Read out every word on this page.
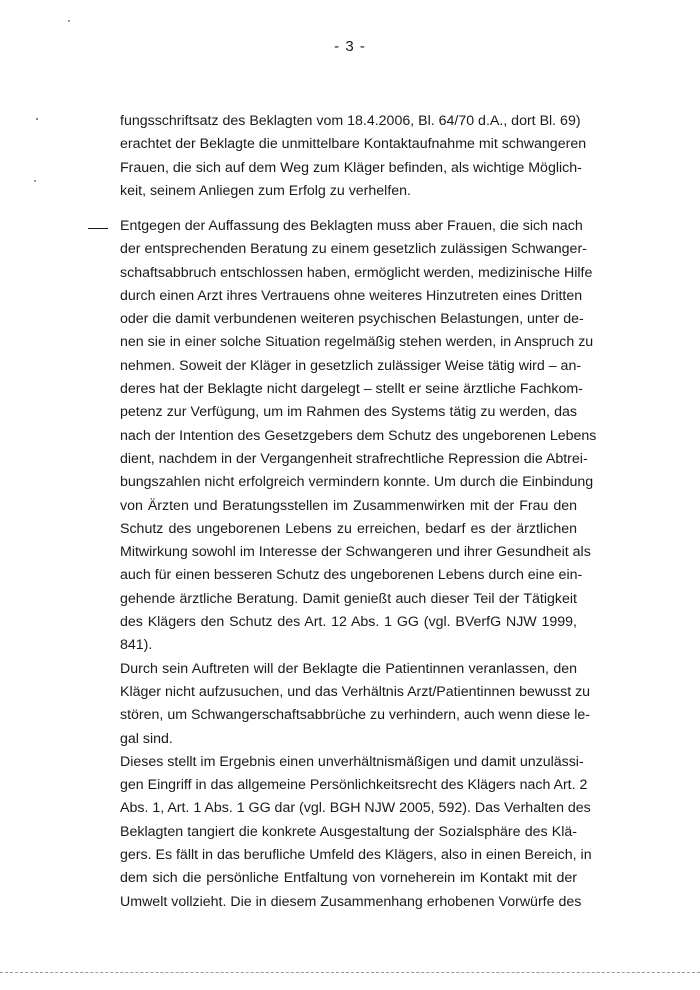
- 3 -
fungsschriftsatz des Beklagten vom 18.4.2006, Bl. 64/70 d.A., dort Bl. 69)
erachtet der Beklagte die unmittelbare Kontaktaufnahme mit schwangeren
Frauen, die sich auf dem Weg zum Kläger befinden, als wichtige Möglich-
keit, seinem Anliegen zum Erfolg zu verhelfen.
Entgegen der Auffassung des Beklagten muss aber Frauen, die sich nach
der entsprechenden Beratung zu einem gesetzlich zulässigen Schwanger-
schaftsabbruch entschlossen haben, ermöglicht werden, medizinische Hilfe
durch einen Arzt ihres Vertrauens ohne weiteres Hinzutreten eines Dritten
oder die damit verbundenen weiteren psychischen Belastungen, unter de-
nen sie in einer solche Situation regelmäßig stehen werden, in Anspruch zu
nehmen. Soweit der Kläger in gesetzlich zulässiger Weise tätig wird – an-
deres hat der Beklagte nicht dargelegt – stellt er seine ärztliche Fachkom-
petenz zur Verfügung, um im Rahmen des Systems tätig zu werden, das
nach der Intention des Gesetzgebers dem Schutz des ungeborenen Lebens
dient, nachdem in der Vergangenheit strafrechtliche Repression die Abtrei-
bungszahlen nicht erfolgreich vermindern konnte. Um durch die Einbindung
von Ärzten und Beratungsstellen im Zusammenwirken mit der Frau den
Schutz des ungeborenen Lebens zu erreichen, bedarf es der ärztlichen
Mitwirkung sowohl im Interesse der Schwangeren und ihrer Gesundheit als
auch für einen besseren Schutz des ungeborenen Lebens durch eine ein-
gehende ärztliche Beratung. Damit genießt auch dieser Teil der Tätigkeit
des Klägers den Schutz des Art. 12 Abs. 1 GG (vgl. BVerfG NJW 1999,
841).
Durch sein Auftreten will der Beklagte die Patientinnen veranlassen, den
Kläger nicht aufzusuchen, und das Verhältnis Arzt/Patientinnen bewusst zu
stören, um Schwangerschaftsabbrüche zu verhindern, auch wenn diese le-
gal sind.
Dieses stellt im Ergebnis einen unverhältnismäßigen und damit unzulässi-
gen Eingriff in das allgemeine Persönlichkeitsrecht des Klägers nach Art. 2
Abs. 1, Art. 1 Abs. 1 GG dar (vgl. BGH NJW 2005, 592). Das Verhalten des
Beklagten tangiert die konkrete Ausgestaltung der Sozialsphäre des Klä-
gers. Es fällt in das berufliche Umfeld des Klägers, also in einen Bereich, in
dem sich die persönliche Entfaltung von vorneherein im Kontakt mit der
Umwelt vollzieht. Die in diesem Zusammenhang erhobenen Vorwürfe des
